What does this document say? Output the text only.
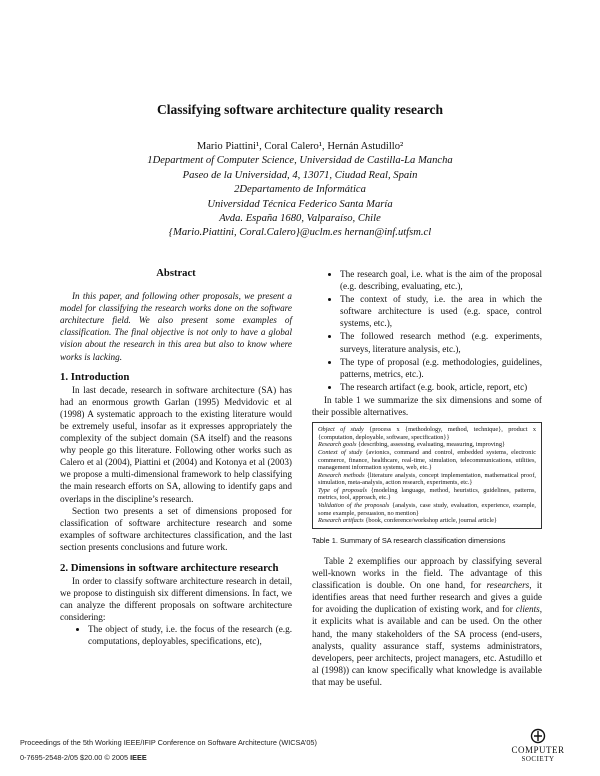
Classifying software architecture quality research
Mario Piattini¹, Coral Calero¹, Hernán Astudillo²
1Department of Computer Science, Universidad de Castilla-La Mancha
Paseo de la Universidad, 4, 13071, Ciudad Real, Spain
2Departamento de Informática
Universidad Técnica Federico Santa María
Avda. España 1680, Valparaíso, Chile
{Mario.Piattini, Coral.Calero}@uclm.es hernan@inf.utfsm.cl
Abstract

In this paper, and following other proposals, we present a model for classifying the research works done on the software architecture field. We also present some examples of classification. The final objective is not only to have a global vision about the research in this area but also to know where works is lacking.

1. Introduction

In last decade, research in software architecture (SA) has had an enormous growth Garlan (1995) Medvidovic et al (1998) A systematic approach to the existing literature would be extremely useful, insofar as it expresses appropriately the complexity of the subject domain (SA itself) and the reasons why people go this literature. Following other works such as Calero et al (2004), Piattini et (2004) and Kotonya et al (2003) we propose a multi-dimensional framework to help classifying the main research efforts on SA, allowing to identify gaps and overlaps in the discipline’s research.

Section two presents a set of dimensions proposed for classification of software architecture research and some examples of software architectures classification, and the last section presents conclusions and future work.

2. Dimensions in software architecture research

In order to classify software architecture research in detail, we propose to distinguish six different dimensions. In fact, we can analyze the different proposals on software architecture considering:

• The object of study, i.e. the focus of the research (e.g. computations, deployables, specifications, etc),
• The research goal, i.e. what is the aim of the proposal (e.g. describing, evaluating, etc.),
• The context of study, i.e. the area in which the software architecture is used (e.g. space, control systems, etc.),
• The followed research method (e.g. experiments, surveys, literature analysis, etc.),
• The type of proposal (e.g. methodologies, guidelines, patterns, metrics, etc.).
• The research artifact (e.g. book, article, report, etc)

In table 1 we summarize the six dimensions and some of their possible alternatives.

Object of study {process x {methodology, method, technique}, product x {computation, deployable, software, specification}}
Research goals {describing, assessing, evaluating, measuring, improving}
Context of study {avionics, command and control, embedded systems, electronic commerce, finance, healthcare, real-time, simulation, telecommunications, utilities, management information systems, web, etc.}
Research methods {literature analysis, concept implementation, mathematical proof, simulation, meta-analysis, action research, experiments, etc.}
Type of proposals {modeling language, method, heuristics, guidelines, patterns, metrics, tool, approach, etc.}
Validation of the proposals {analysis, case study, evaluation, experience, example, some example, persuasion, no mention}
Research artifacts {book, conference/workshop article, journal article}
Table 1. Summary of SA research classification dimensions

Table 2 exemplifies our approach by classifying several well-known works in the field. The advantage of this classification is double. On one hand, for researchers, it identifies areas that need further research and gives a guide for avoiding the duplication of existing work, and for clients, it explicits what is available and can be used. On the other hand, the many stakeholders of the SA process (end-users, analysts, quality assurance staff, systems administrators, developers, peer architects, project managers, etc. Astudillo et al (1998)) can know specifically what knowledge is available that may be useful.

Proceedings of the 5th Working IEEE/IFIP Conference on Software Architecture (WICSA’05)
0-7695-2548-2/05 $20.00 © 2005 IEEE
COMPUTER
SOCIETY
